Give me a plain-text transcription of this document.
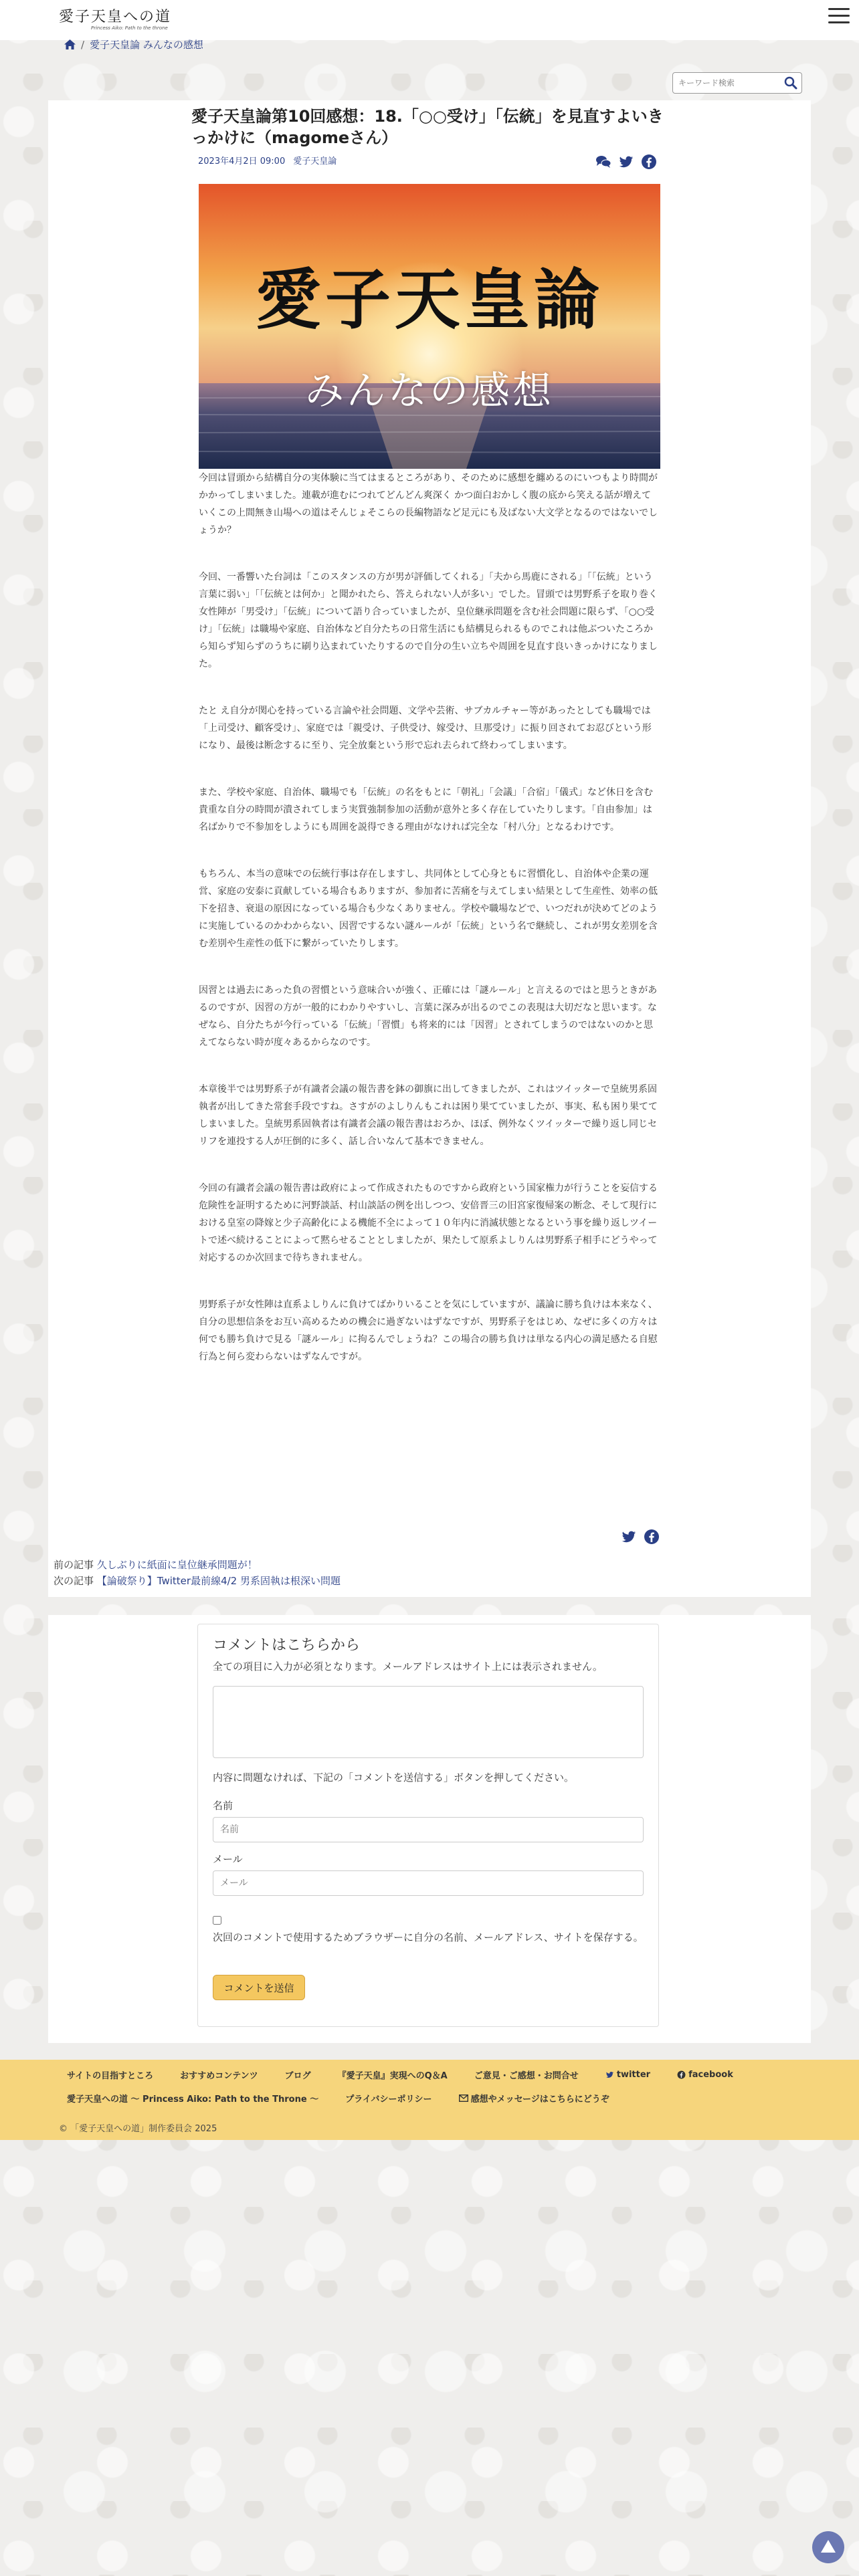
愛子天皇への道
Princess Aiko: Path to the throne
/ 愛子天皇論 みんなの感想
キーワード検索
愛子天皇論第10回感想：18.「○○受け」「伝統」を見直すよいきっかけに（magomeさん）
2023年4月2日 09:00 愛子天皇論
愛子天皇論
みんなの感想

今回は冒頭から結構自分の実体験に当てはまるところがあり、そのために感想を纏めるのにいつもより時間がかかってしまいました。連載が進むにつれてどんどん爽深く かつ面白おかしく腹の底から笑える話が増えていくこの上間無き山場への道はそんじょそこらの長編物語など足元にも及ばない大文学となるのではないでしょうか？

今回、一番響いた台詞は「このスタンスの方が男が評価してくれる」「夫から馬鹿にされる」「「伝統」という言葉に弱い」「「伝統とは何か」と聞かれたら、答えられない人が多い」でした。冒頭では男野系子を取り巻く女性陣が「男受け」「伝統」について語り合っていましたが、皇位継承問題を含む社会問題に限らず、「○○受け」「伝統」は職場や家庭、自治体など自分たちの日常生活にも結構見られるものでこれは他ぶついたころから知らず知らずのうちに刷り込まれていたりするので自分の生い立ちや周囲を見直す良いきっかけになりました。

たと え自分が関心を持っている言論や社会問題、文学や芸術、サブカルチャー等があったとしても職場では「上司受け、顧客受け」、家庭では「親受け、子供受け、嫁受け、旦那受け」に振り回されてお忍びという形になり、最後は断念するに至り、完全放棄という形で忘れ去られて終わってしまいます。

また、学校や家庭、自治体、職場でも「伝統」の名をもとに「朝礼」「会議」「合宿」「儀式」など休日を含む貴重な自分の時間が潰されてしまう実質強制参加の活動が意外と多く存在していたりします。「自由参加」は名ばかりで不参加をしようにも周囲を説得できる理由がなければ完全な「村八分」となるわけです。

もちろん、本当の意味での伝統行事は存在しますし、共同体として心身ともに習慣化し、自治体や企業の運営、家庭の安泰に貢献している場合もありますが、参加者に苦痛を与えてしまい結果として生産性、効率の低下を招き、衰退の原因になっている場合も少なくありません。学校や職場などで、いつだれが決めてどのように実施しているのかわからない、因習でするない謎ルールが「伝統」という名で継続し、これが男女差別を含む差別や生産性の低下に繋がっていたりします。

因習とは過去にあった負の習慣という意味合いが強く、正確には「謎ルール」と言えるのではと思うときがあるのですが、因習の方が一般的にわかりやすいし、言葉に深みが出るのでこの表現は大切だなと思います。なぜなら、自分たちが今行っている「伝統」「習慣」も将来的には「因習」とされてしまうのではないのかと思えてならない時が度々あるからなのです。

本章後半では男野系子が有識者会議の報告書を鉢の御旗に出してきましたが、これはツイッターで皇統男系固執者が出してきた常套手段ですね。さすがのよしりんもこれは困り果てていましたが、事実、私も困り果ててしまいました。皇統男系固執者は有識者会議の報告書はおろか、ほぼ、例外なくツイッターで繰り返し同じセリフを連投する人が圧倒的に多く、話し合いなんて基本できません。

今回の有識者会議の報告書は政府によって作成されたものですから政府という国家権力が行うことを妄信する危険性を証明するために河野談話、村山談話の例を出しつつ、安倍晋三の旧宮家復帰案の断念、そして現行における皇室の降嫁と少子高齢化による機能不全によって１０年内に消滅状態となるという事を繰り返しツイートで述べ続けることによって黙らせることとしましたが、果たして原系よしりんは男野系子相手にどうやって対応するのか次回まで待ちきれません。

男野系子が女性陣は直系よしりんに負けてばかりいることを気にしていますが、議論に勝ち負けは本来なく、自分の思想信条をお互い高めるための機会に過ぎないはずなですが、男野系子をはじめ、なぜに多くの方々は何でも勝ち負けで見る「謎ルール」に拘るんでしょうね？この場合の勝ち負けは単なる内心の満足感たる自慰行為と何ら変わらないはずなんですが。

前の記事 久しぶりに紙面に皇位継承問題が！
次の記事 【論破祭り】Twitter最前線4/2 男系固執は根深い問題
コメントはこちらから
全ての項目に入力が必須となります。メールアドレスはサイト上には表示されません。
内容に問題なければ、下記の「コメントを送信する」ボタンを押してください。
名前
名前
メール
メール
次回のコメントで使用するためブラウザーに自分の名前、メールアドレス、サイトを保存する。
コメントを送信
サイトの目指すところ	おすすめコンテンツ	ブログ	『愛子天皇』実現へのQ＆A	ご意見・ご感想・お問合せ	twitter	facebook
愛子天皇への道 ～ Princess Aiko: Path to the Throne ～	プライバシーポリシー	感想やメッセージはこちらにどうぞ
© 「愛子天皇への道」制作委員会 2025
